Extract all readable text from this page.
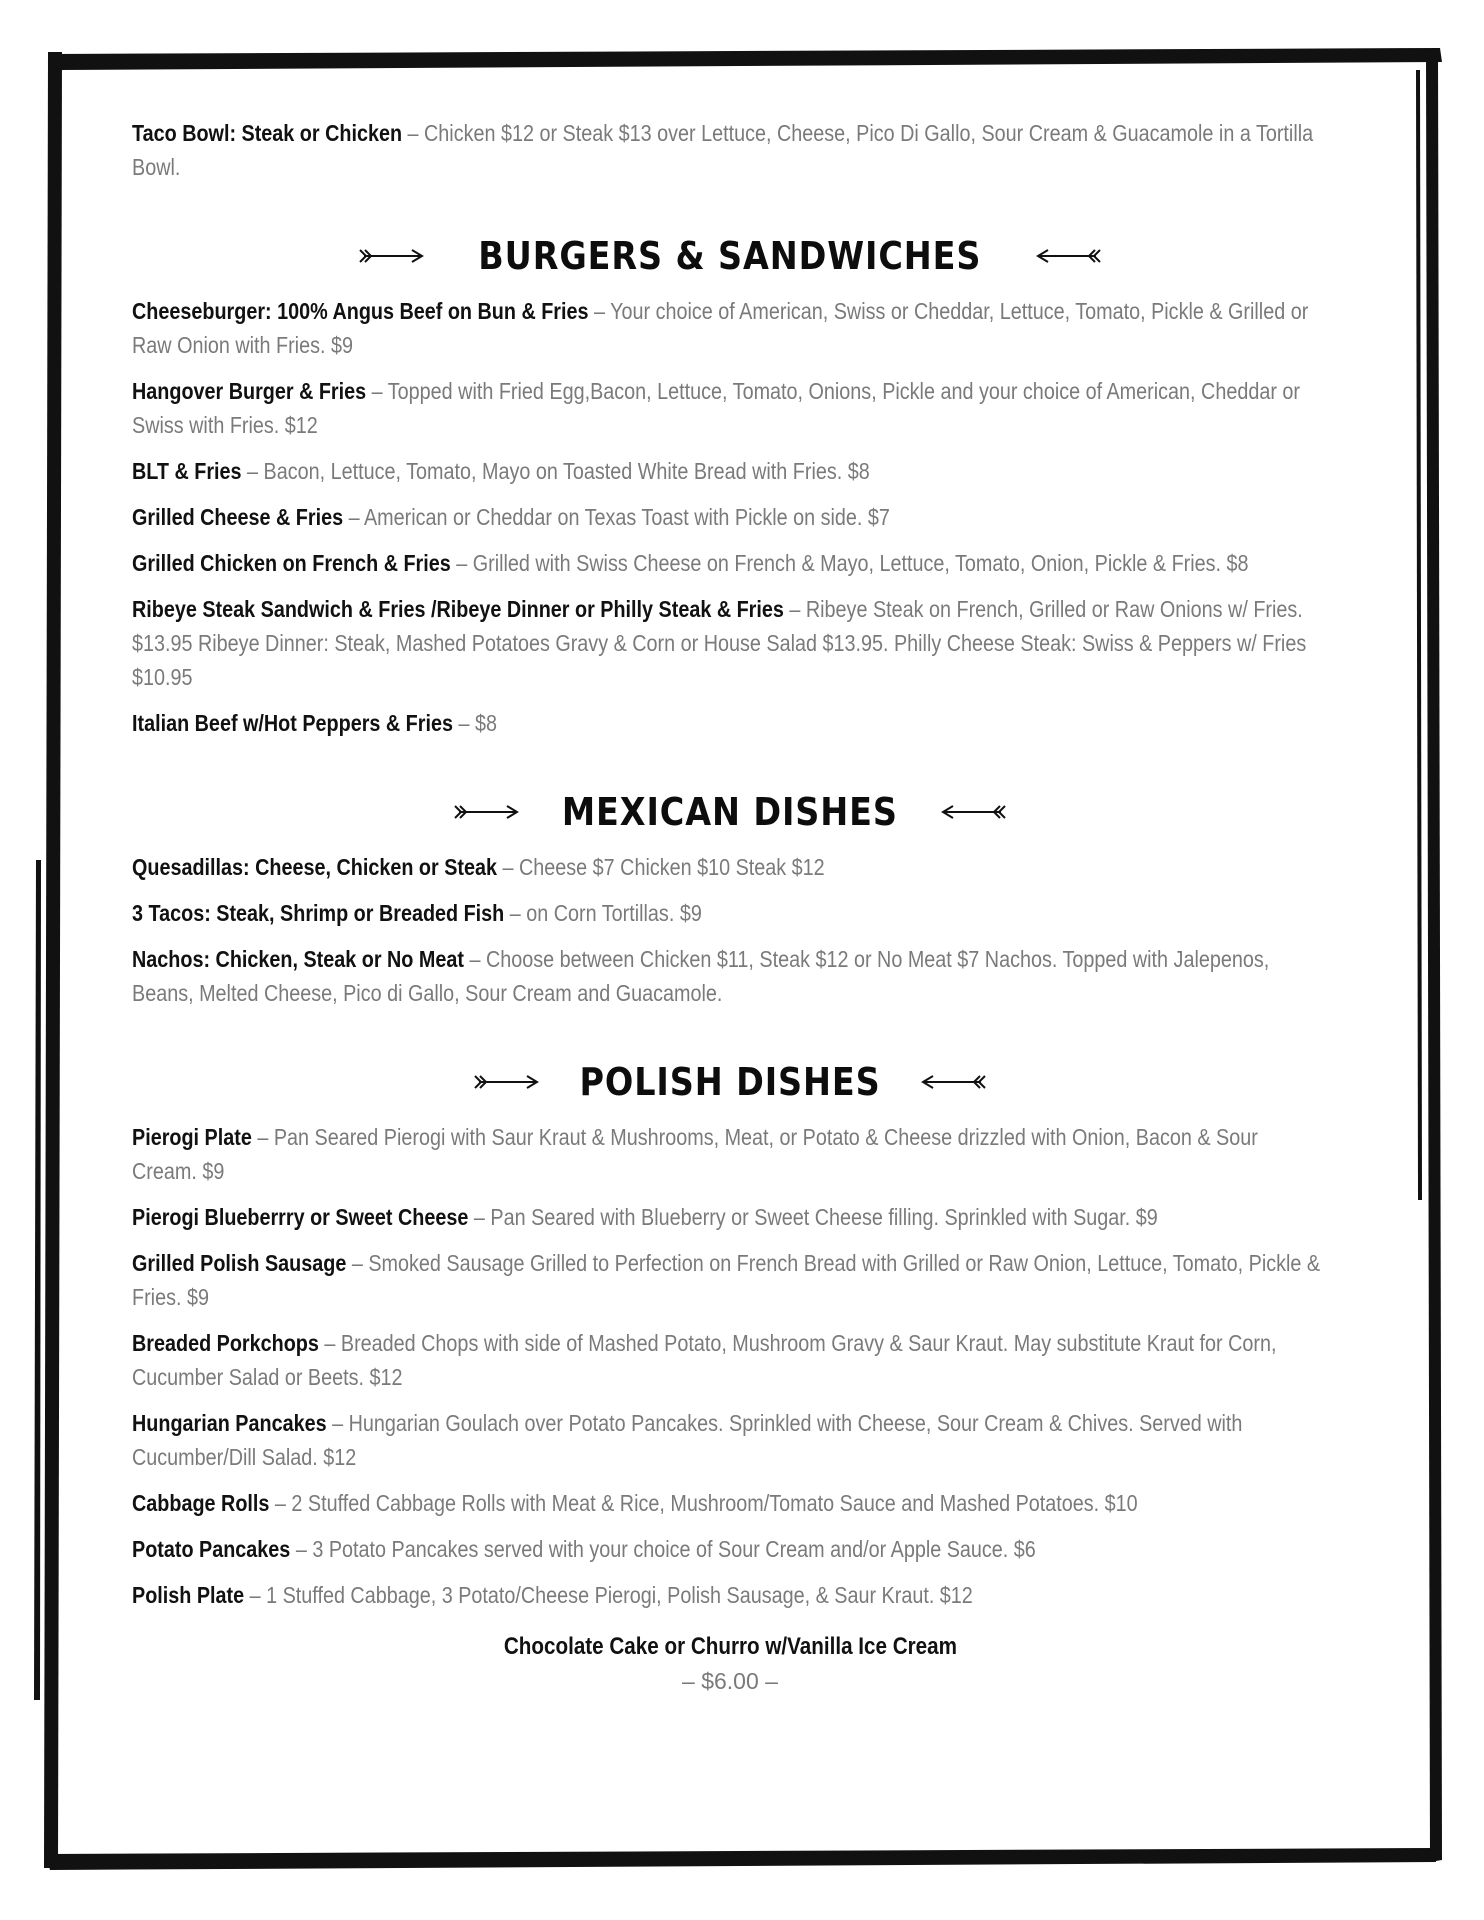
Taco Bowl: Steak or Chicken – Chicken $12 or Steak $13 over Lettuce, Cheese, Pico Di Gallo, Sour Cream & Guacamole in a Tortilla Bowl.
BURGERS & SANDWICHES
Cheeseburger: 100% Angus Beef on Bun & Fries – Your choice of American, Swiss or Cheddar, Lettuce, Tomato, Pickle & Grilled or Raw Onion with Fries. $9
Hangover Burger & Fries – Topped with Fried Egg,Bacon, Lettuce, Tomato, Onions, Pickle and your choice of American, Cheddar or Swiss with Fries. $12
BLT & Fries – Bacon, Lettuce, Tomato, Mayo on Toasted White Bread with Fries. $8
Grilled Cheese & Fries – American or Cheddar on Texas Toast with Pickle on side. $7
Grilled Chicken on French & Fries – Grilled with Swiss Cheese on French & Mayo, Lettuce, Tomato, Onion, Pickle & Fries. $8
Ribeye Steak Sandwich & Fries /Ribeye Dinner or Philly Steak & Fries – Ribeye Steak on French, Grilled or Raw Onions w/ Fries. $13.95 Ribeye Dinner: Steak, Mashed Potatoes Gravy & Corn or House Salad $13.95. Philly Cheese Steak: Swiss & Peppers w/ Fries $10.95
Italian Beef w/Hot Peppers & Fries – $8
MEXICAN DISHES
Quesadillas: Cheese, Chicken or Steak – Cheese $7 Chicken $10 Steak $12
3 Tacos: Steak, Shrimp or Breaded Fish – on Corn Tortillas. $9
Nachos: Chicken, Steak or No Meat – Choose between Chicken $11, Steak $12 or No Meat $7 Nachos. Topped with Jalepenos, Beans, Melted Cheese, Pico di Gallo, Sour Cream and Guacamole.
POLISH DISHES
Pierogi Plate – Pan Seared Pierogi with Saur Kraut & Mushrooms, Meat, or Potato & Cheese drizzled with Onion, Bacon & Sour Cream. $9
Pierogi Blueberrry or Sweet Cheese – Pan Seared with Blueberry or Sweet Cheese filling. Sprinkled with Sugar. $9
Grilled Polish Sausage – Smoked Sausage Grilled to Perfection on French Bread with Grilled or Raw Onion, Lettuce, Tomato, Pickle & Fries. $9
Breaded Porkchops – Breaded Chops with side of Mashed Potato, Mushroom Gravy & Saur Kraut. May substitute Kraut for Corn, Cucumber Salad or Beets. $12
Hungarian Pancakes – Hungarian Goulach over Potato Pancakes. Sprinkled with Cheese, Sour Cream & Chives. Served with Cucumber/Dill Salad. $12
Cabbage Rolls – 2 Stuffed Cabbage Rolls with Meat & Rice, Mushroom/Tomato Sauce and Mashed Potatoes. $10
Potato Pancakes – 3 Potato Pancakes served with your choice of Sour Cream and/or Apple Sauce. $6
Polish Plate – 1 Stuffed Cabbage, 3 Potato/Cheese Pierogi, Polish Sausage, & Saur Kraut. $12
Chocolate Cake or Churro w/Vanilla Ice Cream
– $6.00 –
